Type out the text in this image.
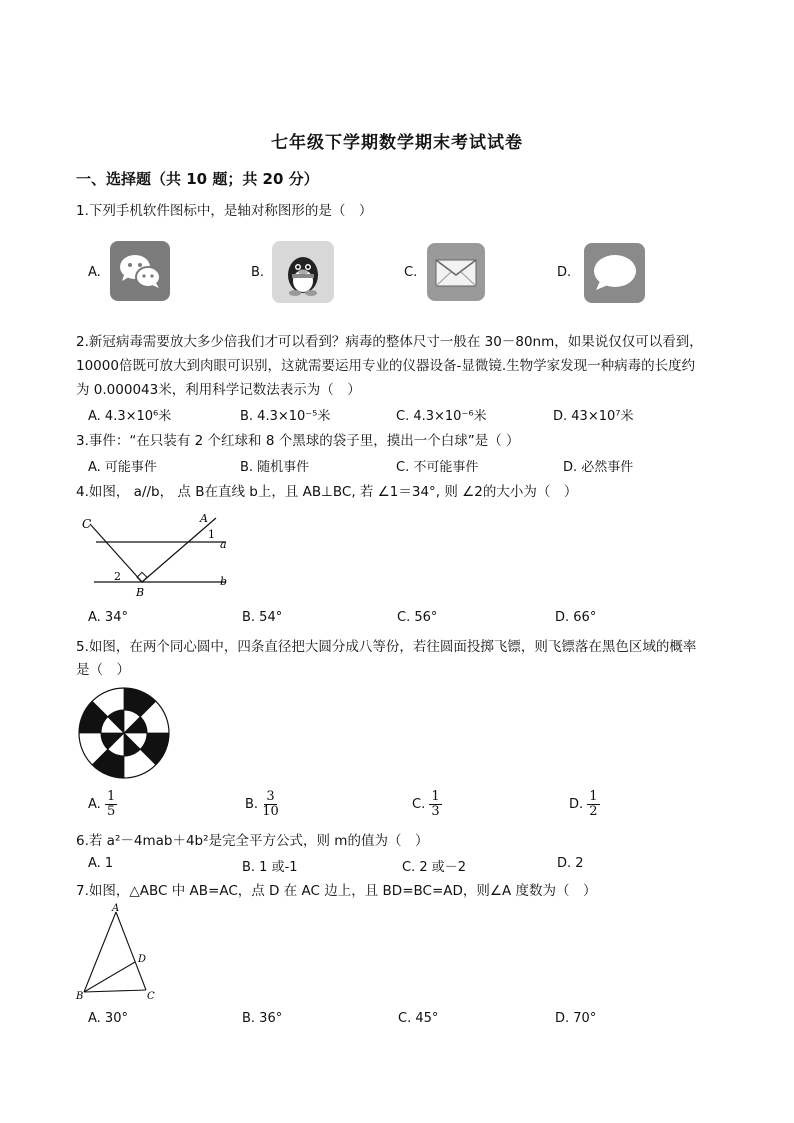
七年级下学期数学期末考试试卷
一、选择题（共 10 题；共 20 分）
1.下列手机软件图标中，是轴对称图形的是（　）
A.	B.	C.	D.
2.新冠病毒需要放大多少倍我们才可以看到？病毒的整体尺寸一般在 30－80nm，如果说仅仅可以看到，
10000倍既可放大到肉眼可识别，这就需要运用专业的仪器设备-显微镜.生物学家发现一种病毒的长度约
为 0.000043米，利用科学记数法表示为（　）
A. 4.3×10⁶米	B. 4.3×10⁻⁵米	C. 4.3×10⁻⁶米	D. 43×10⁷米
3.事件：“在只装有 2 个红球和 8 个黑球的袋子里，摸出一个白球”是（ ）
A. 可能事件	B. 随机事件	C. 不可能事件	D. 必然事件
4.如图， a//b， 点 B在直线 b上，且 AB⊥BC, 若 ∠1＝34°, 则 ∠2的大小为（　）
C	A
1
a
2
B
b
A. 34°	B. 54°	C. 56°	D. 66°
5.如图，在两个同心圆中，四条直径把大圆分成八等份，若往圆面投掷飞镖，则飞镖落在黑色区域的概率
是（　）
A. $\frac{1}{5}$	B. $\frac{3}{10}$	C. $\frac{1}{3}$	D. $\frac{1}{2}$
6.若 a²－4mab＋4b²是完全平方公式，则 m的值为（　）
A. 1	B. 1 或-1	C. 2 或－2	D. 2
7.如图，△ABC 中 AB=AC，点 D 在 AC 边上，且 BD=BC=AD，则∠A 度数为（　）
A
B	C
D
A. 30°	B. 36°	C. 45°	D. 70°
